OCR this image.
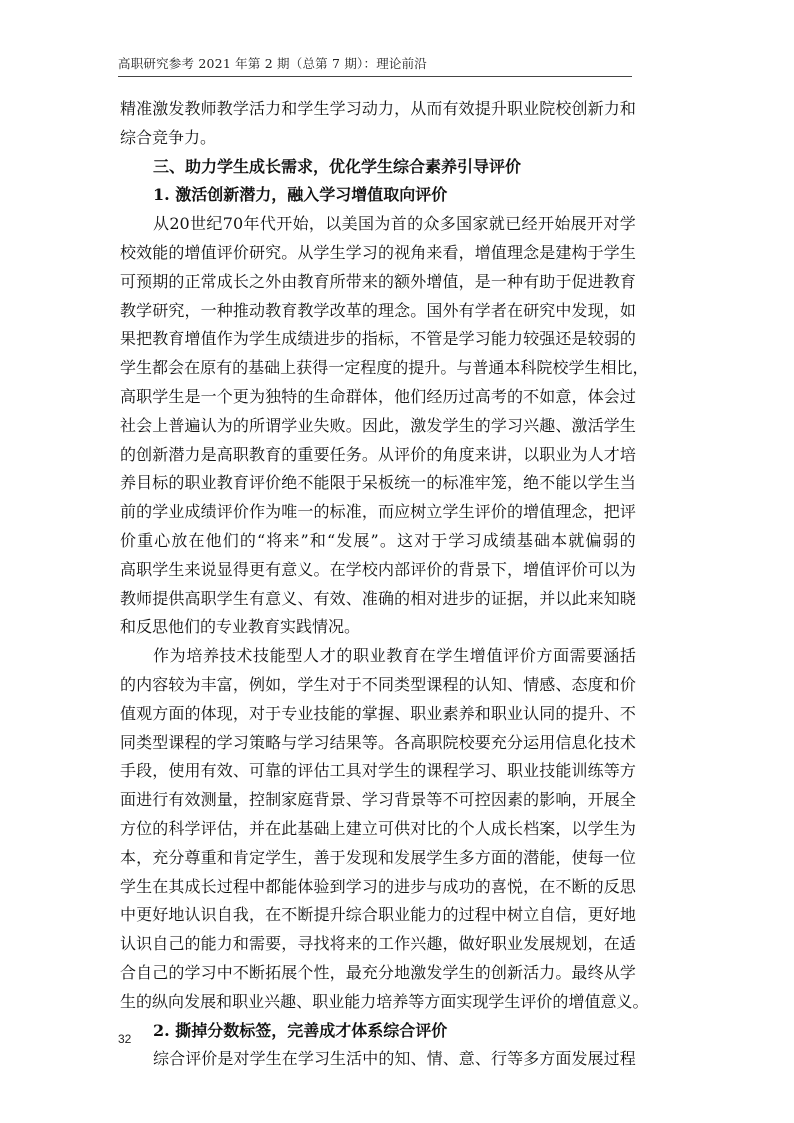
高职研究参考 2021 年第 2 期（总第 7 期）：理论前沿
精 准 激 发 教 师 教 学 活 力 和 学 生 学 习 动 力 ， 从 而 有 效 提 升 职 业 院 校 创 新 力 和
综合竞争力。
三、助力学生成长需求，优化学生综合素养引导评价
1. 激活创新潜力，融入学习增值取向评价
从 20 世 纪 70 年 代 开 始 ， 以 美 国 为 首 的 众 多 国 家 就 已 经 开 始 展 开 对 学
校 效 能 的 增 值 评 价 研 究 。 从 学 生 学 习 的 视 角 来 看 ， 增 值 理 念 是 建 构 于 学 生
可 预 期 的 正 常 成 长 之 外 由 教 育 所 带 来 的 额 外 增 值 ， 是 一 种 有 助 于 促 进 教 育
教 学 研 究 ， 一 种 推 动 教 育 教 学 改 革 的 理 念 。 国 外 有 学 者 在 研 究 中 发 现 ， 如
果 把 教 育 增 值 作 为 学 生 成 绩 进 步 的 指 标 ， 不 管 是 学 习 能 力 较 强 还 是 较 弱 的
学 生 都 会 在 原 有 的 基 础 上 获 得 一 定 程 度 的 提 升 。 与 普 通 本 科 院 校 学 生 相 比 ，
高 职 学 生 是 一 个 更 为 独 特 的 生 命 群 体 ， 他 们 经 历 过 高 考 的 不 如 意 ， 体 会 过
社 会 上 普 遍 认 为 的 所 谓 学 业 失 败 。 因 此 ， 激 发 学 生 的 学 习 兴 趣 、 激 活 学 生
的 创 新 潜 力 是 高 职 教 育 的 重 要 任 务 。 从 评 价 的 角 度 来 讲 ， 以 职 业 为 人 才 培
养 目 标 的 职 业 教 育 评 价 绝 不 能 限 于 呆 板 统 一 的 标 准 牢 笼 ， 绝 不 能 以 学 生 当
前 的 学 业 成 绩 评 价 作 为 唯 一 的 标 准 ， 而 应 树 立 学 生 评 价 的 增 值 理 念 ， 把 评
价 重 心 放 在 他 们 的 “ 将 来 ” 和 “ 发 展 ” 。 这 对 于 学 习 成 绩 基 础 本 就 偏 弱 的
高 职 学 生 来 说 显 得 更 有 意 义 。 在 学 校 内 部 评 价 的 背 景 下 ， 增 值 评 价 可 以 为
教 师 提 供 高 职 学 生 有 意 义 、 有 效 、 准 确 的 相 对 进 步 的 证 据 ， 并 以 此 来 知 晓
和反思他们的专业教育实践情况。
作 为 培 养 技 术 技 能 型 人 才 的 职 业 教 育 在 学 生 增 值 评 价 方 面 需 要 涵 括
的 内 容 较 为 丰 富 ， 例 如 ， 学 生 对 于 不 同 类 型 课 程 的 认 知 、 情 感 、 态 度 和 价
值 观 方 面 的 体 现 ， 对 于 专 业 技 能 的 掌 握 、 职 业 素 养 和 职 业 认 同 的 提 升 、 不
同 类 型 课 程 的 学 习 策 略 与 学 习 结 果 等 。 各 高 职 院 校 要 充 分 运 用 信 息 化 技 术
手 段 ， 使 用 有 效 、 可 靠 的 评 估 工 具 对 学 生 的 课 程 学 习 、 职 业 技 能 训 练 等 方
面 进 行 有 效 测 量 ， 控 制 家 庭 背 景 、 学 习 背 景 等 不 可 控 因 素 的 影 响 ， 开 展 全
方 位 的 科 学 评 估 ， 并 在 此 基 础 上 建 立 可 供 对 比 的 个 人 成 长 档 案 ， 以 学 生 为
本 ， 充 分 尊 重 和 肯 定 学 生 ， 善 于 发 现 和 发 展 学 生 多 方 面 的 潜 能 ， 使 每 一 位
学 生 在 其 成 长 过 程 中 都 能 体 验 到 学 习 的 进 步 与 成 功 的 喜 悦 ， 在 不 断 的 反 思
中 更 好 地 认 识 自 我 ， 在 不 断 提 升 综 合 职 业 能 力 的 过 程 中 树 立 自 信 ， 更 好 地
认 识 自 己 的 能 力 和 需 要 ， 寻 找 将 来 的 工 作 兴 趣 ， 做 好 职 业 发 展 规 划 ， 在 适
合 自 己 的 学 习 中 不 断 拓 展 个 性 ， 最 充 分 地 激 发 学 生 的 创 新 活 力 。 最 终 从 学
生 的 纵 向 发 展 和 职 业 兴 趣 、 职 业 能 力 培 养 等 方 面 实 现 学 生 评 价 的 增 值 意 义 。
2. 撕掉分数标签，完善成才体系综合评价
综 合 评 价 是 对 学 生 在 学 习 生 活 中 的 知 、 情 、 意 、 行 等 多 方 面 发 展 过 程
32
